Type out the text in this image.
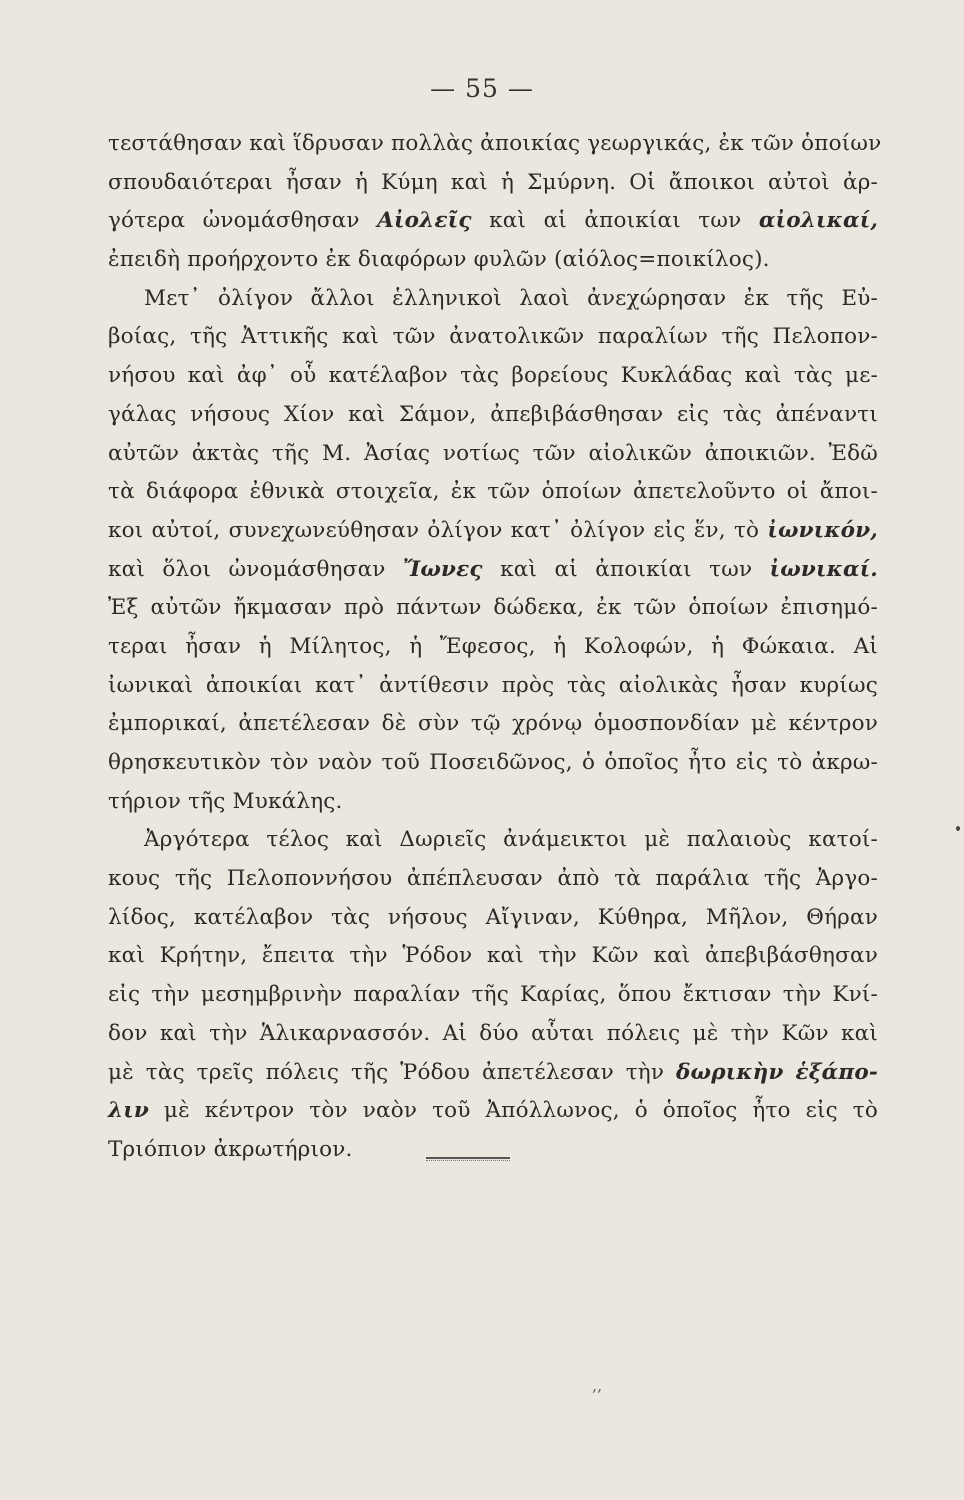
— 55 —
τεστάθησαν καὶ ἵδρυσαν πολλὰς ἀποικίας γεωργικάς, ἐκ τῶν ὁποίων
σπουδαιότεραι ἦσαν ἡ Κύμη καὶ ἡ Σμύρνη. Οἱ ἄποικοι αὐτοὶ ἀρ-
γότερα ὠνομάσθησαν Αἰολεῖς καὶ αἱ ἀποικίαι των αἰολικαί,
ἐπειδὴ προήρχοντο ἐκ διαφόρων φυλῶν (αἰόλος=ποικίλος).
Μετ᾽ ὀλίγον ἄλλοι ἑλληνικοὶ λαοὶ ἀνεχώρησαν ἐκ τῆς Εὐ-
βοίας, τῆς Ἀττικῆς καὶ τῶν ἀνατολικῶν παραλίων τῆς Πελοπον-
νήσου καὶ ἀφ᾽ οὗ κατέλαβον τὰς βορείους Κυκλάδας καὶ τὰς με-
γάλας νήσους Χίον καὶ Σάμον, ἀπεβιβάσθησαν εἰς τὰς ἀπέναντι
αὐτῶν ἀκτὰς τῆς Μ. Ἀσίας νοτίως τῶν αἰολικῶν ἀποικιῶν. Ἐδῶ
τὰ διάφορα ἐθνικὰ στοιχεῖα, ἐκ τῶν ὁποίων ἀπετελοῦντο οἱ ἄποι-
κοι αὐτοί, συνεχωνεύθησαν ὀλίγον κατ᾽ ὀλίγον εἰς ἕν, τὸ ἰωνικόν,
καὶ ὅλοι ὠνομάσθησαν Ἴωνες καὶ αἱ ἀποικίαι των ἰωνικαί.
Ἐξ αὐτῶν ἤκμασαν πρὸ πάντων δώδεκα, ἐκ τῶν ὁποίων ἐπισημό-
τεραι ἦσαν ἡ Μίλητος, ἡ Ἔφεσος, ἡ Κολοφών, ἡ Φώκαια. Αἱ
ἰωνικαὶ ἀποικίαι κατ᾽ ἀντίθεσιν πρὸς τὰς αἰολικὰς ἦσαν κυρίως
ἐμπορικαί, ἀπετέλεσαν δὲ σὺν τῷ χρόνῳ ὁμοσπονδίαν μὲ κέντρον
θρησκευτικὸν τὸν ναὸν τοῦ Ποσειδῶνος, ὁ ὁποῖος ἦτο εἰς τὸ ἀκρω-
τήριον τῆς Μυκάλης.
Ἀργότερα τέλος καὶ Δωριεῖς ἀνάμεικτοι μὲ παλαιοὺς κατοί-
κους τῆς Πελοποννήσου ἀπέπλευσαν ἀπὸ τὰ παράλια τῆς Ἀργο-
λίδος, κατέλαβον τὰς νήσους Αἴγιναν, Κύθηρα, Μῆλον, Θήραν
καὶ Κρήτην, ἔπειτα τὴν Ῥόδον καὶ τὴν Κῶν καὶ ἀπεβιβάσθησαν
εἰς τὴν μεσημβρινὴν παραλίαν τῆς Καρίας, ὅπου ἔκτισαν τὴν Κνί-
δον καὶ τὴν Ἁλικαρνασσόν. Αἱ δύο αὗται πόλεις μὲ τὴν Κῶν καὶ
μὲ τὰς τρεῖς πόλεις τῆς Ῥόδου ἀπετέλεσαν τὴν δωρικὴν ἑξάπο-
λιν μὲ κέντρον τὸν ναὸν τοῦ Ἀπόλλωνος, ὁ ὁποῖος ἦτο εἰς τὸ
Τριόπιον ἀκρωτήριον.
,,
